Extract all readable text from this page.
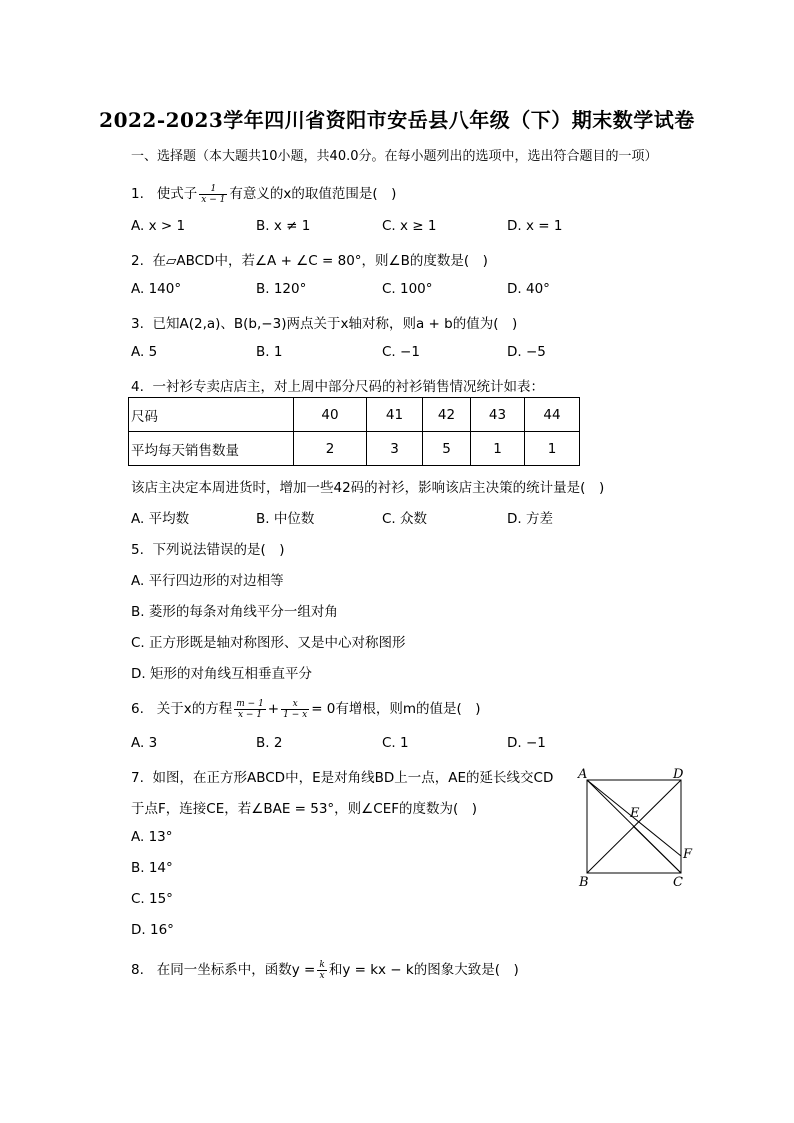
2022-2023学年四川省资阳市安岳县八年级（下）期末数学试卷
一、选择题（本大题共10小题，共40.0分。在每小题列出的选项中，选出符合题目的一项）
1. 使式子 $\frac{1}{x - 1}$ 有意义的x的取值范围是(　)
A. x > 1	B. x ≠ 1	C. x ≥ 1	D. x = 1
2. 在▱ABCD中，若∠A + ∠C = 80°，则∠B的度数是(　)
A. 140°	B. 120°	C. 100°	D. 40°
3. 已知A(2,a)、B(b,−3)两点关于x轴对称，则a + b的值为(　)
A. 5	B. 1	C. −1	D. −5
4. 一衬衫专卖店店主，对上周中部分尺码的衬衫销售情况统计如表：
尺码	40	41	42	43	44
平均每天销售数量	2	3	5	1	1
该店主决定本周进货时，增加一些42码的衬衫，影响该店主决策的统计量是(　)
A. 平均数	B. 中位数	C. 众数	D. 方差
5. 下列说法错误的是(　)
A. 平行四边形的对边相等
B. 菱形的每条对角线平分一组对角
C. 正方形既是轴对称图形、又是中心对称图形
D. 矩形的对角线互相垂直平分
6. 关于x的方程 $\frac{m - 1}{x - 1} + \frac{x}{1 - x} = 0$有增根，则m的值是(　)
A. 3	B. 2	C. 1	D. −1
7. 如图，在正方形ABCD中，E是对角线BD上一点，AE的延长线交CD
于点F，连接CE，若∠BAE = 53°，则∠CEF的度数为(　)
A. 13°
B. 14°
C. 15°
D. 16°
A	D
E
F
B	C
8. 在同一坐标系中，函数$y = \frac{k}{x}$ 和y = kx − k的图象大致是(　)
